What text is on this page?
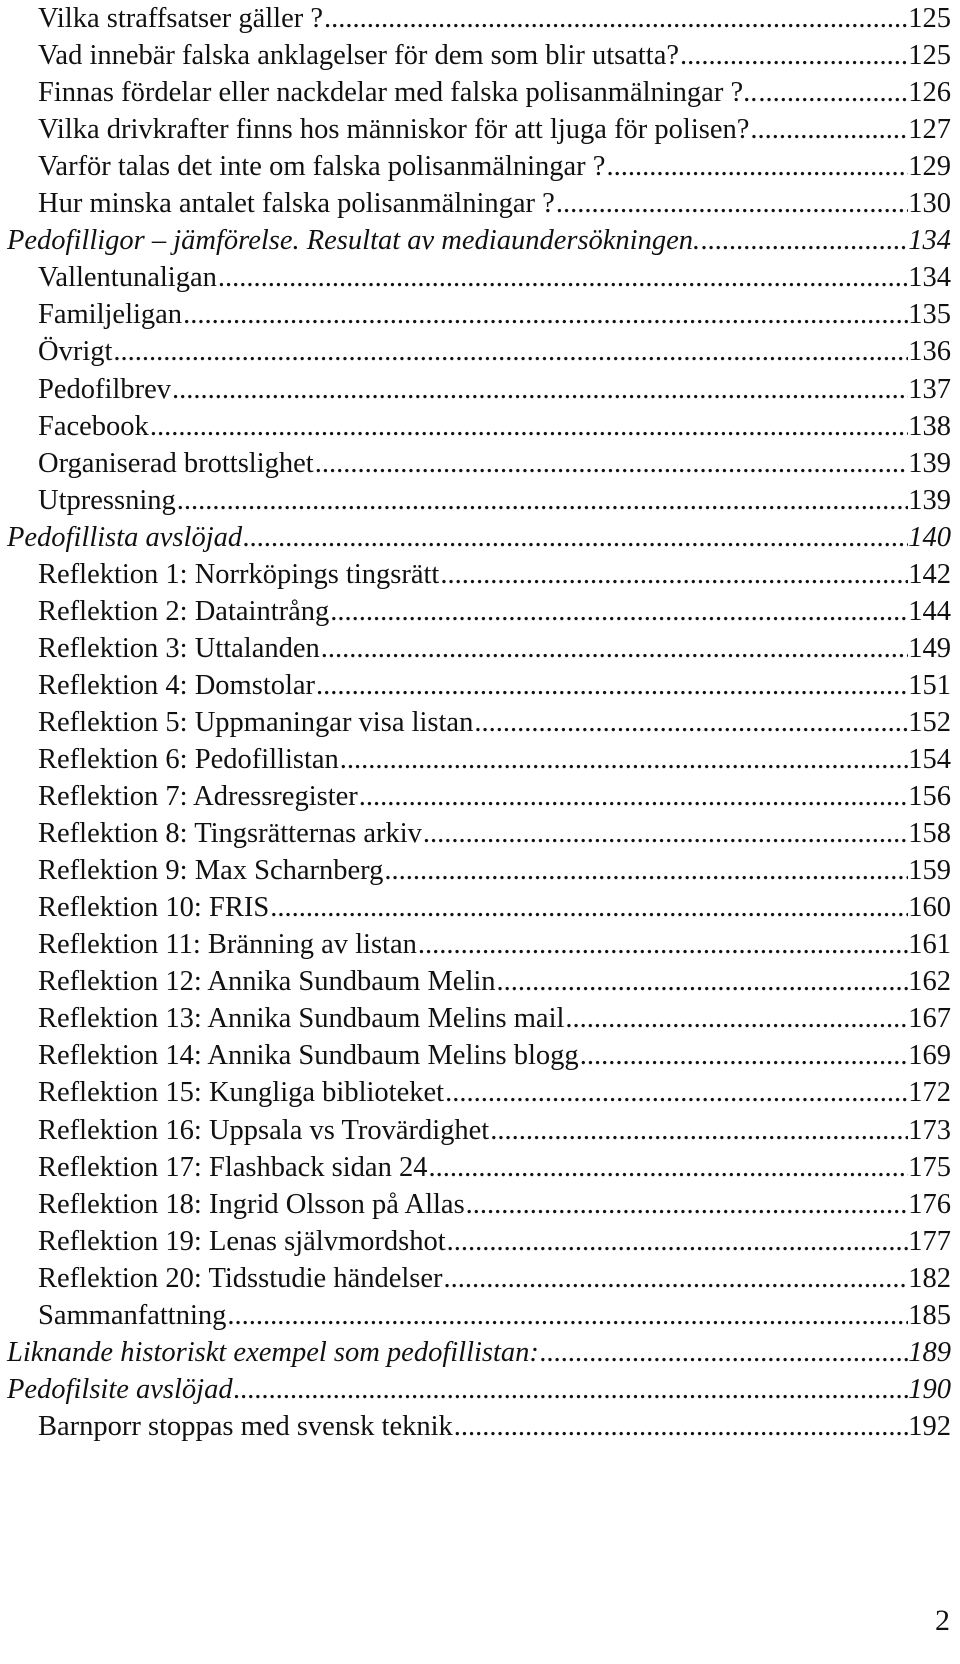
Vilka straffsatser gäller ? .....	125
Vad innebär falska anklagelser för dem som blir utsatta? .....	125
Finnas fördelar eller nackdelar med falska polisanmälningar ?.. .....	126
Vilka drivkrafter finns hos människor för att ljuga för polisen? .....	127
Varför talas det inte om falska polisanmälningar ? .....	129
Hur minska antalet falska polisanmälningar ? .....	130
Pedofilligor – jämförelse. Resultat av mediaundersökningen. .....	134
Vallentunaligan .....	134
Familjeligan .....	135
Övrigt .....	136
Pedofilbrev .....	137
Facebook .....	138
Organiserad brottslighet .....	139
Utpressning .....	139
Pedofillista avslöjad .....	140
Reflektion 1: Norrköpings tingsrätt .....	142
Reflektion 2: Dataintrång .....	144
Reflektion 3: Uttalanden .....	149
Reflektion 4: Domstolar .....	151
Reflektion 5: Uppmaningar visa listan .....	152
Reflektion 6: Pedofillistan .....	154
Reflektion 7: Adressregister .....	156
Reflektion 8: Tingsrätternas arkiv .....	158
Reflektion 9: Max Scharnberg .....	159
Reflektion 10: FRIS .....	160
Reflektion 11: Bränning av listan .....	161
Reflektion 12: Annika Sundbaum Melin .....	162
Reflektion 13: Annika Sundbaum Melins mail .....	167
Reflektion 14: Annika Sundbaum Melins blogg .....	169
Reflektion 15: Kungliga biblioteket .....	172
Reflektion 16: Uppsala vs Trovärdighet .....	173
Reflektion 17: Flashback sidan 24 .....	175
Reflektion 18: Ingrid Olsson på Allas .....	176
Reflektion 19: Lenas självmordshot .....	177
Reflektion 20: Tidsstudie händelser .....	182
Sammanfattning .....	185
Liknande historiskt exempel som pedofillistan: .....	189
Pedofilsite avslöjad .....	190
Barnporr stoppas med svensk teknik .....	192
2
